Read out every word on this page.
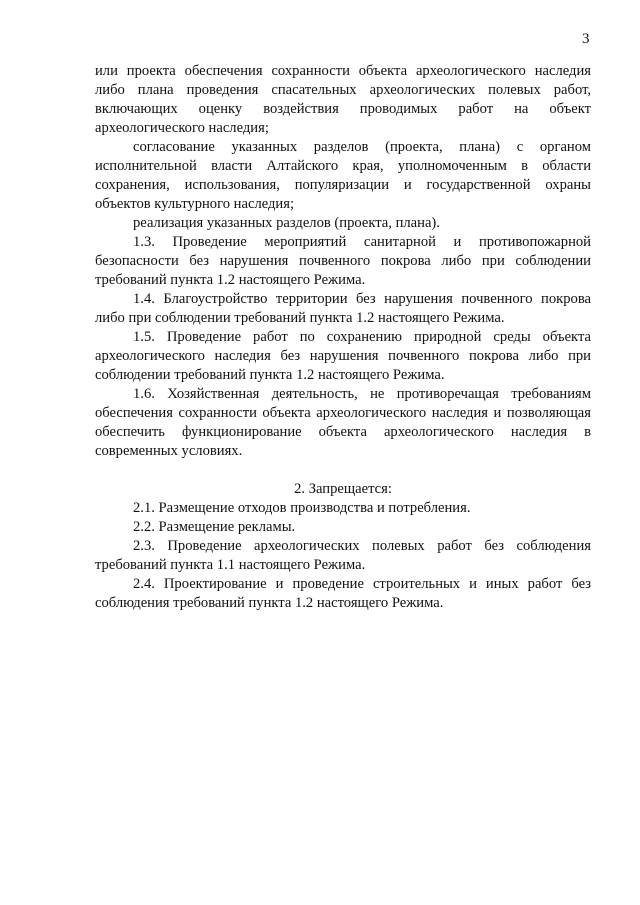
3

или проекта обеспечения сохранности объекта археологического наследия либо плана проведения спасательных археологических полевых работ, включающих оценку воздействия проводимых работ на объект археологического наследия;

согласование указанных разделов (проекта, плана) с органом исполнительной власти Алтайского края, уполномоченным в области сохранения, использования, популяризации и государственной охраны объектов культурного наследия;

реализация указанных разделов (проекта, плана).

1.3. Проведение мероприятий санитарной и противопожарной безопасности без нарушения почвенного покрова либо при соблюдении требований пункта 1.2 настоящего Режима.

1.4. Благоустройство территории без нарушения почвенного покрова либо при соблюдении требований пункта 1.2 настоящего Режима.

1.5. Проведение работ по сохранению природной среды объекта археологического наследия без нарушения почвенного покрова либо при соблюдении требований пункта 1.2 настоящего Режима.

1.6. Хозяйственная деятельность, не противоречащая требованиям обеспечения сохранности объекта археологического наследия и позволяющая обеспечить функционирование объекта археологического наследия в современных условиях.

2. Запрещается:

2.1. Размещение отходов производства и потребления.

2.2. Размещение рекламы.

2.3. Проведение археологических полевых работ без соблюдения требований пункта 1.1 настоящего Режима.

2.4. Проектирование и проведение строительных и иных работ без соблюдения требований пункта 1.2 настоящего Режима.
